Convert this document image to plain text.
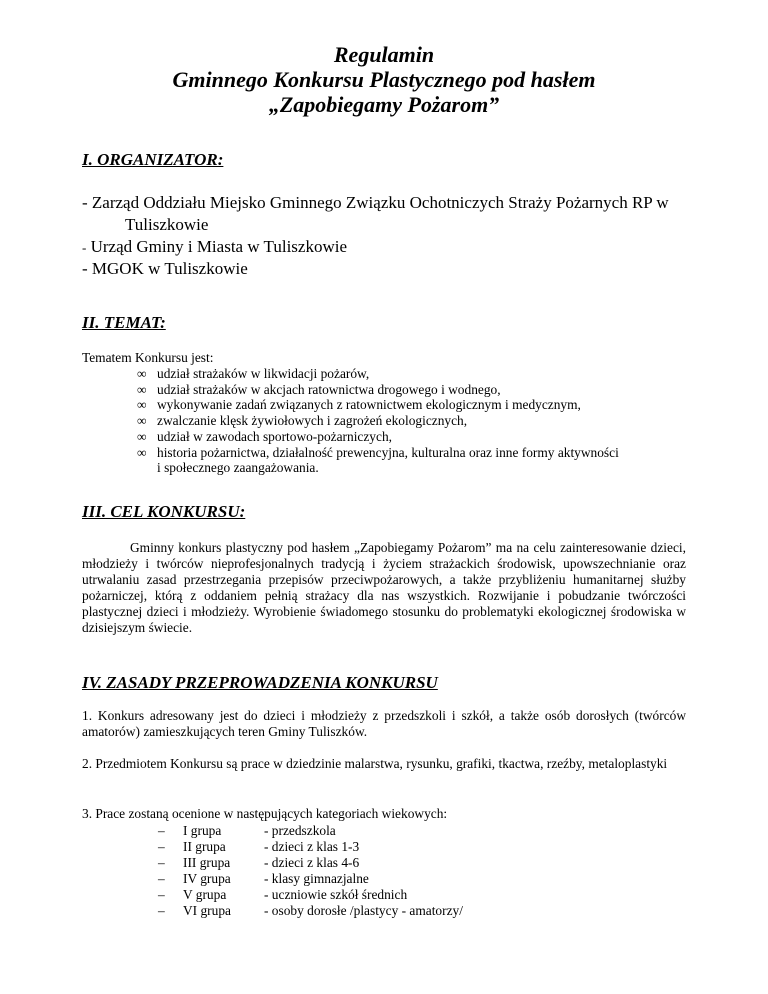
Regulamin
Gminnego Konkursu Plastycznego pod hasłem
„Zapobiegamy Pożarom”
I. ORGANIZATOR:
- Zarząd Oddziału Miejsko Gminnego Związku Ochotniczych Straży Pożarnych RP w
Tuliszkowie
- Urząd Gminy i Miasta w Tuliszkowie
- MGOK w Tuliszkowie
II. TEMAT:
Tematem Konkursu jest:
∞ udział strażaków w likwidacji pożarów,
∞ udział strażaków w akcjach ratownictwa drogowego i wodnego,
∞ wykonywanie zadań związanych z ratownictwem ekologicznym i medycznym,
∞ zwalczanie klęsk żywiołowych i zagrożeń ekologicznych,
∞ udział w zawodach sportowo-pożarniczych,
∞ historia pożarnictwa, działalność prewencyjna, kulturalna oraz inne formy aktywności i społecznego zaangażowania.
III. CEL KONKURSU:
Gminny konkurs plastyczny pod hasłem „Zapobiegamy Pożarom” ma na celu zainteresowanie dzieci, młodzieży i twórców nieprofesjonalnych tradycją i życiem strażackich środowisk, upowszechnianie oraz utrwalaniu zasad przestrzegania przepisów przeciwpożarowych, a także przybliżeniu humanitarnej służby pożarniczej, którą z oddaniem pełnią strażacy dla nas wszystkich. Rozwijanie i pobudzanie twórczości plastycznej dzieci i młodzieży. Wyrobienie świadomego stosunku do problematyki ekologicznej środowiska w dzisiejszym świecie.
IV. ZASADY PRZEPROWADZENIA KONKURSU
1. Konkurs adresowany jest do dzieci i młodzieży z przedszkoli i szkół, a także osób dorosłych (twórców amatorów) zamieszkujących teren Gminy Tuliszków.
2. Przedmiotem Konkursu są prace w dziedzinie malarstwa, rysunku, grafiki, tkactwa, rzeźby, metaloplastyki
3. Prace zostaną ocenione w następujących kategoriach wiekowych:
– I grupa	- przedszkola
– II grupa	- dzieci z klas 1-3
– III grupa	- dzieci z klas 4-6
– IV grupa - klasy gimnazjalne
– V grupa	- uczniowie szkół średnich
– VI grupa - osoby dorosłe /plastycy - amatorzy/
